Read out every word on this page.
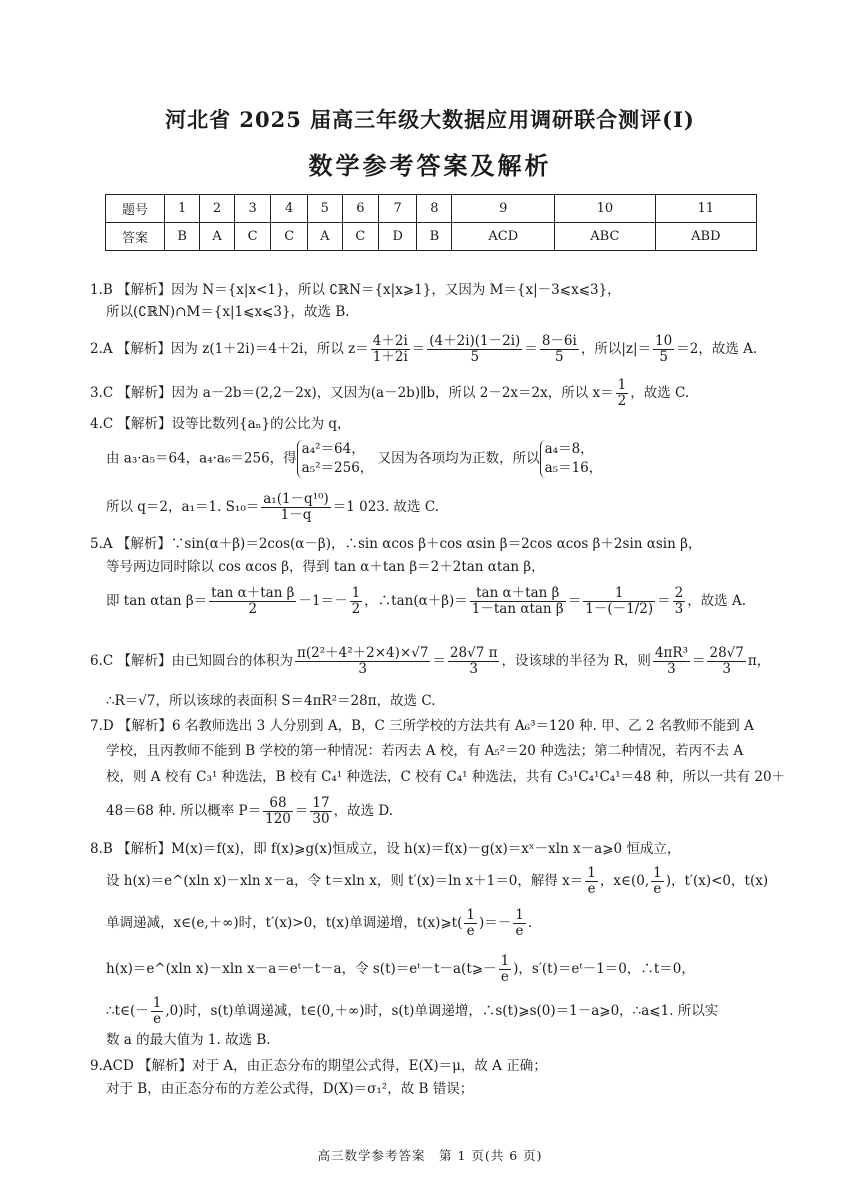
河北省 2025 届高三年级大数据应用调研联合测评(Ⅰ)
数学参考答案及解析
题号	1	2	3	4	5	6	7	8	9	10	11
答案	B	A	C	C	A	C	D	B	ACD	ABC	ABD
1.B 【解析】因为 N＝{x|x<1}，所以 ∁ℝN＝{x|x⩾1}，又因为 M＝{x|－3⩽x⩽3}，
所以(∁ℝN)∩M＝{x|1⩽x⩽3}，故选 B.
2.A 【解析】因为 z(1＋2i)＝4＋2i，所以 $z= \frac{4+2i}{1+2i} = \frac{(4+2i)(1-2i)}{5} = \frac{8-6i}{5}$ ，所以$|z|= \frac{10}{5} =2$，故选 A.
3.C 【解析】因为 a－2b＝(2,2－2x)，又因为(a－2b)∥b，所以 2－2x＝2x，所以 $x= \frac{1}{2}$ ，故选 C.
4.C 【解析】设等比数列{aₙ}的公比为 q，
由 a₃·a₅＝64，a₄·a₆＝256，得
a₄²＝64，
a₅²＝256，
又因为各项均为正数，所以
a₄＝8，
a₅＝16，
所以 q＝2，a₁＝1. $S_{10}= \frac{\text{a₁(1－q¹⁰)}}{1-q} =1$ 023. 故选 C.
5.A 【解析】∵sin(α＋β)＝2cos(α－β)，∴sin αcos β＋cos αsin β＝2cos αcos β＋2sin αsin β，
等号两边同时除以 cos αcos β，得到 tan α＋tan β＝2＋2tan αtan β，
即 tan αtan $\beta= \frac{\text{tan α＋tan β}}{2} -1=- \frac{1}{2}$ ，∴tan(α＋β)＝ $\frac{\text{tan α＋tan β}}{\text{1－tan αtan β}} = \frac{1}{1-(-1/2)} = \frac{2}{3}$ ，故选 A.
6.C 【解析】由已知圆台的体积为 $\frac{\text{π(2²＋4²＋2×4)×√7}}{3} = \frac{28√7 \pi}{3}$ ，设该球的半径为 R，则 $\frac{\text{4πR³}}{3} = \frac{28√7}{3}$ π，
∴R＝√7，所以该球的表面积 S＝4πR²＝28π，故选 C.
7.D 【解析】6 名教师选出 3 人分别到 A，B，C 三所学校的方法共有 A₆³＝120 种. 甲、乙 2 名教师不能到 A
学校，且丙教师不能到 B 学校的第一种情况：若丙去 A 校，有 A₅²＝20 种选法；第二种情况，若丙不去 A
校，则 A 校有 C₃¹ 种选法，B 校有 C₄¹ 种选法，C 校有 C₄¹ 种选法，共有 C₃¹C₄¹C₄¹＝48 种，所以一共有 20＋
48＝68 种. 所以概率 $P= \frac{68}{120} = \frac{17}{30}$ ，故选 D.
8.B 【解析】M(x)＝f(x)，即 f(x)⩾g(x)恒成立，设 h(x)＝f(x)－g(x)＝xˣ－xln x－a⩾0 恒成立，
设 h(x)＝e^(xln x)－xln x－a，令 t＝xln x，则 t′(x)＝ln x＋1＝0，解得 $x= \frac{1}{e}$ ，x∈(0, $\frac{1}{e}$ )，t′(x)<0，t(x)
单调递减，x∈(e,＋∞)时，t′(x)>0，t(x)单调递增，t(x)⩾t( $\frac{1}{e}$ )＝－ $\frac{1}{e}$ .
h(x)＝e^(xln x)－xln x－a＝eᵗ－t－a，令 s(t)＝eᵗ－t－a(t⩾－ $\frac{1}{e}$ )，s′(t)＝eᵗ－1＝0，∴t＝0，
∴t∈(－ $\frac{1}{e} ,0$)时，s(t)单调递减，t∈(0,＋∞)时，s(t)单调递增，∴s(t)⩾s(0)＝1－a⩾0，∴a⩽1. 所以实
数 a 的最大值为 1. 故选 B.
9.ACD 【解析】对于 A，由正态分布的期望公式得，E(X)＝μ，故 A 正确；
对于 B，由正态分布的方差公式得，D(X)＝σ₁²，故 B 错误；
高三数学参考答案　第 1 页(共 6 页)
